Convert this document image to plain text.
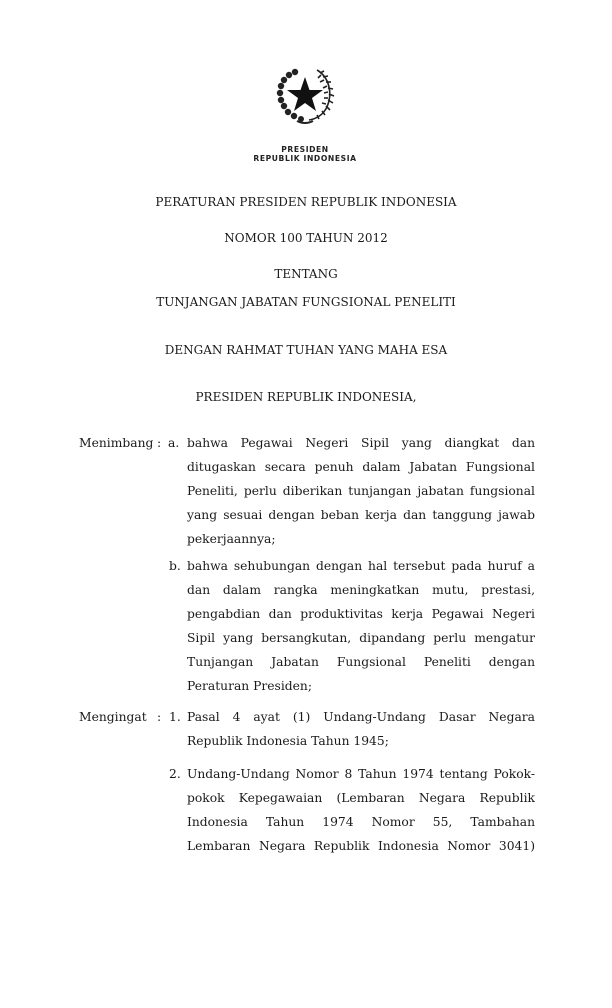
PRESIDEN
REPUBLIK INDONESIA
PERATURAN PRESIDEN REPUBLIK INDONESIA
NOMOR 100 TAHUN 2012
TENTANG
TUNJANGAN JABATAN FUNGSIONAL PENELITI
DENGAN RAHMAT TUHAN YANG MAHA ESA
PRESIDEN REPUBLIK INDONESIA,
Menimbang : a. bahwa Pegawai Negeri Sipil yang diangkat dan
ditugaskan secara penuh dalam Jabatan Fungsional
Peneliti, perlu diberikan tunjangan jabatan fungsional
yang sesuai dengan beban kerja dan tanggung jawab
pekerjaannya;
b. bahwa sehubungan dengan hal tersebut pada huruf a
dan dalam rangka meningkatkan mutu, prestasi,
pengabdian dan produktivitas kerja Pegawai Negeri
Sipil yang bersangkutan, dipandang perlu mengatur
Tunjangan Jabatan Fungsional Peneliti dengan
Peraturan Presiden;
Mengingat : 1. Pasal 4 ayat (1) Undang-Undang Dasar Negara
Republik Indonesia Tahun 1945;
2. Undang-Undang Nomor 8 Tahun 1974 tentang Pokok-
pokok Kepegawaian (Lembaran Negara Republik
Indonesia Tahun 1974 Nomor 55, Tambahan
Lembaran Negara Republik Indonesia Nomor 3041)
